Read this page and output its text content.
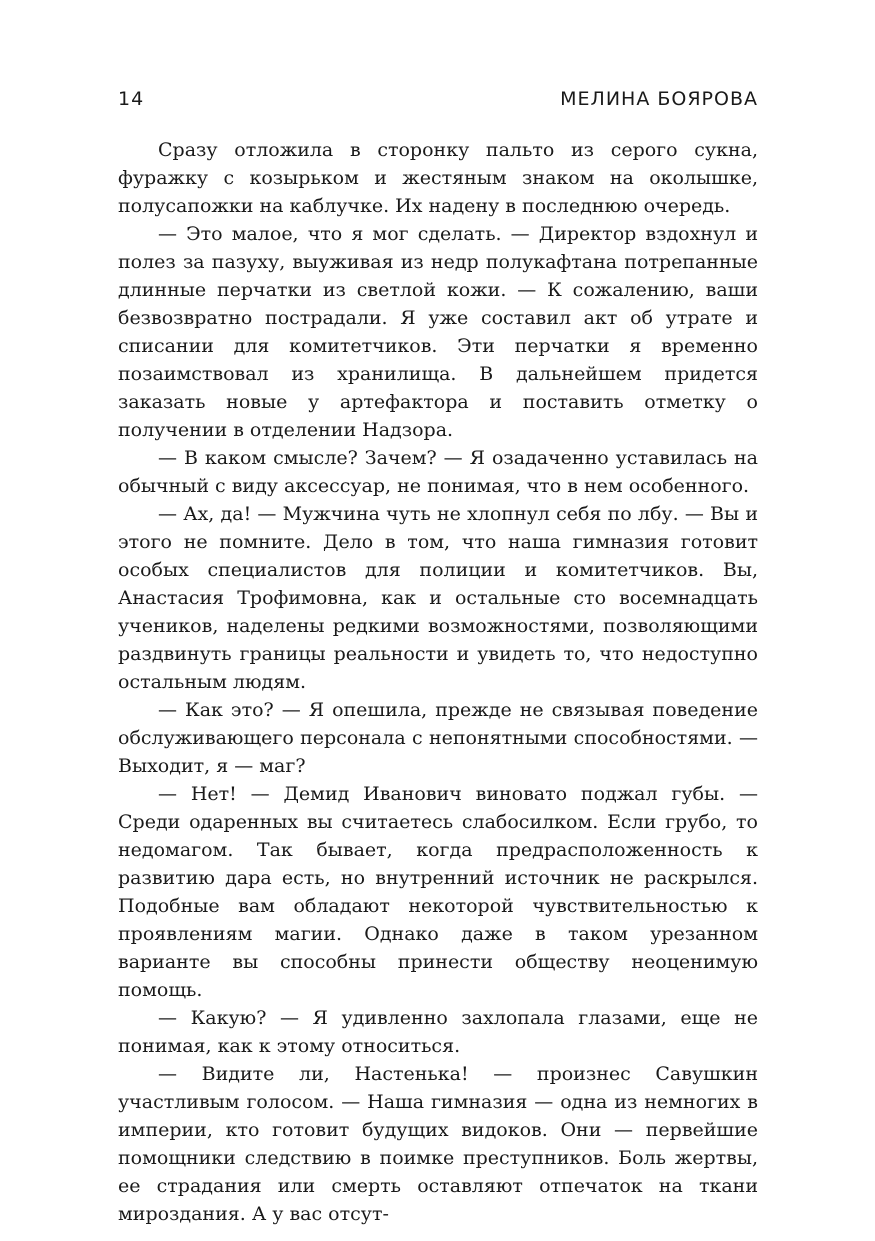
14	МЕЛИНА БОЯРОВА

Сразу отложила в сторонку пальто из серого сукна, фуражку с козырьком и жестяным знаком на околышке, полусапожки на каблучке. Их надену в последнюю очередь.

— Это малое, что я мог сделать. — Директор вздохнул и полез за пазуху, выуживая из недр полукафтана потрепанные длинные перчатки из светлой кожи. — К сожалению, ваши безвозвратно пострадали. Я уже составил акт об утрате и списании для комитетчиков. Эти перчатки я временно позаимствовал из хранилища. В дальнейшем придется заказать новые у артефактора и поставить отметку о получении в отделении Надзора.

— В каком смысле? Зачем? — Я озадаченно уставилась на обычный с виду аксессуар, не понимая, что в нем особенного.

— Ах, да! — Мужчина чуть не хлопнул себя по лбу. — Вы и этого не помните. Дело в том, что наша гимназия готовит особых специалистов для полиции и комитетчиков. Вы, Анастасия Трофимовна, как и остальные сто восемнадцать учеников, наделены редкими возможностями, позволяющими раздвинуть границы реальности и увидеть то, что недоступно остальным людям.

— Как это? — Я опешила, прежде не связывая поведение обслуживающего персонала с непонятными способностями. — Выходит, я — маг?

— Нет! — Демид Иванович виновато поджал губы. — Среди одаренных вы считаетесь слабосилком. Если грубо, то недомагом. Так бывает, когда предрасположенность к развитию дара есть, но внутренний источник не раскрылся. Подобные вам обладают некоторой чувствительностью к проявлениям магии. Однако даже в таком урезанном варианте вы способны принести обществу неоценимую помощь.

— Какую? — Я удивленно захлопала глазами, еще не понимая, как к этому относиться.

— Видите ли, Настенька! — произнес Савушкин участливым голосом. — Наша гимназия — одна из немногих в империи, кто готовит будущих видоков. Они — первейшие помощники следствию в поимке преступников. Боль жертвы, ее страдания или смерть оставляют отпечаток на ткани мироздания. А у вас отсут-
